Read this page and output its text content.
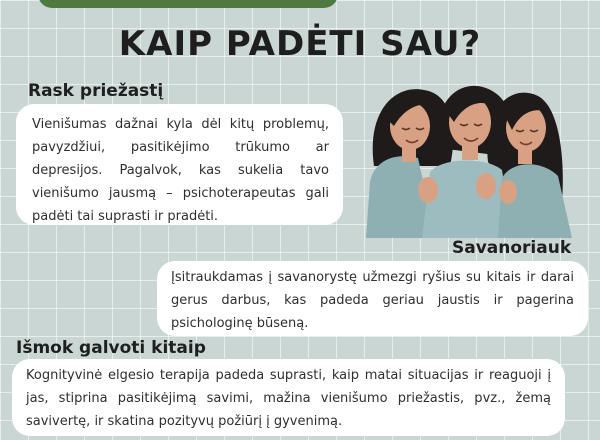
KAIP PADĖTI SAU?
Rask priežastį
Vienišumas dažnai kyla dėl kitų problemų, pavyzdžiui, pasitikėjimo trūkumo ar depresijos. Pagalvok, kas sukelia tavo vienišumo jausmą – psichoterapeutas gali padėti tai suprasti ir pradėti.
Savanoriauk
Įsitraukdamas į savanorystę užmezgi ryšius su kitais ir darai gerus darbus, kas padeda geriau jaustis ir pagerina psichologinę būseną.
Išmok galvoti kitaip
Kognityvinė elgesio terapija padeda suprasti, kaip matai situacijas ir reaguoji į jas, stiprina pasitikėjimą savimi, mažina vienišumo priežastis, pvz., žemą savivertę, ir skatina pozityvų požiūrį į gyvenimą.
